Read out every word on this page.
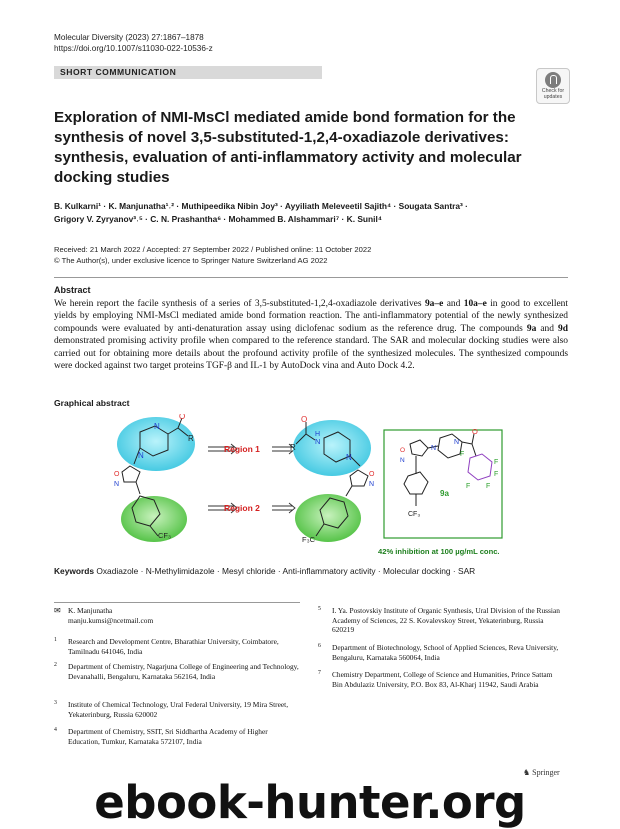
Molecular Diversity (2023) 27:1867–1878
https://doi.org/10.1007/s11030-022-10536-z
SHORT COMMUNICATION
Check for
updates
Exploration of NMI-MsCl mediated amide bond formation for the synthesis of novel 3,5-substituted-1,2,4-oxadiazole derivatives: synthesis, evaluation of anti-inflammatory activity and molecular docking studies
B. Kulkarni¹ · K. Manjunatha¹˒² · Muthipeedika Nibin Joy³ · Ayyiliath Meleveetil Sajith⁴ · Sougata Santra³ ·
Grigory V. Zyryanov³˒⁵ · C. N. Prashantha⁶ · Mohammed B. Alshammari⁷ · K. Sunil⁴
Received: 21 March 2022 / Accepted: 27 September 2022 / Published online: 11 October 2022
© The Author(s), under exclusive licence to Springer Nature Switzerland AG 2022
Abstract
We herein report the facile synthesis of a series of 3,5-substituted-1,2,4-oxadiazole derivatives 9a–e and 10a–e in good to excellent yields by employing NMI-MsCl mediated amide bond formation reaction. The anti-inflammatory potential of the newly synthesized compounds were evaluated by anti-denaturation assay using diclofenac sodium as the reference drug. The compounds 9a and 9d demonstrated promising activity profile when compared to the reference standard. The SAR and molecular docking studies were also carried out for obtaining more details about the profound activity profile of the synthesized molecules. The synthesized compounds were docked against two target proteins TGF-β and IL-1 by AutoDock vina and Auto Dock 4.2.
Graphical abstract
N
N
O
R
O
N
CF₃
Region 1
Region 2
O
N
H
R
N
O
N
F₃C
O
N
N
O
N	F
F
F
F
F
CF₃
9a
42% inhibition at 100 µg/mL conc.
Keywords Oxadiazole · N-Methylimidazole · Mesyl chloride · Anti-inflammatory activity · Molecular docking · SAR
✉ K. Manjunatha
manju.kumsi@ncetmail.com
1 Research and Development Centre, Bharathiar University, Coimbatore, Tamilnadu 641046, India
2 Department of Chemistry, Nagarjuna College of Engineering and Technology, Devanahalli, Bengaluru, Karnataka 562164, India
3 Institute of Chemical Technology, Ural Federal University, 19 Mira Street, Yekaterinburg, Russia 620002
4 Department of Chemistry, SSIT, Sri Siddhartha Academy of Higher Education, Tumkur, Karnataka 572107, India
5 I. Ya. Postovskiy Institute of Organic Synthesis, Ural Division of the Russian Academy of Sciences, 22 S. Kovalevskoy Street, Yekaterinburg, Russia 620219
6 Department of Biotechnology, School of Applied Sciences, Reva University, Bengaluru, Karnataka 560064, India
7 Chemistry Department, College of Science and Humanities, Prince Sattam Bin Abdulaziz University, P.O. Box 83, Al-Kharj 11942, Saudi Arabia
♞ Springer
ebook-hunter.org
